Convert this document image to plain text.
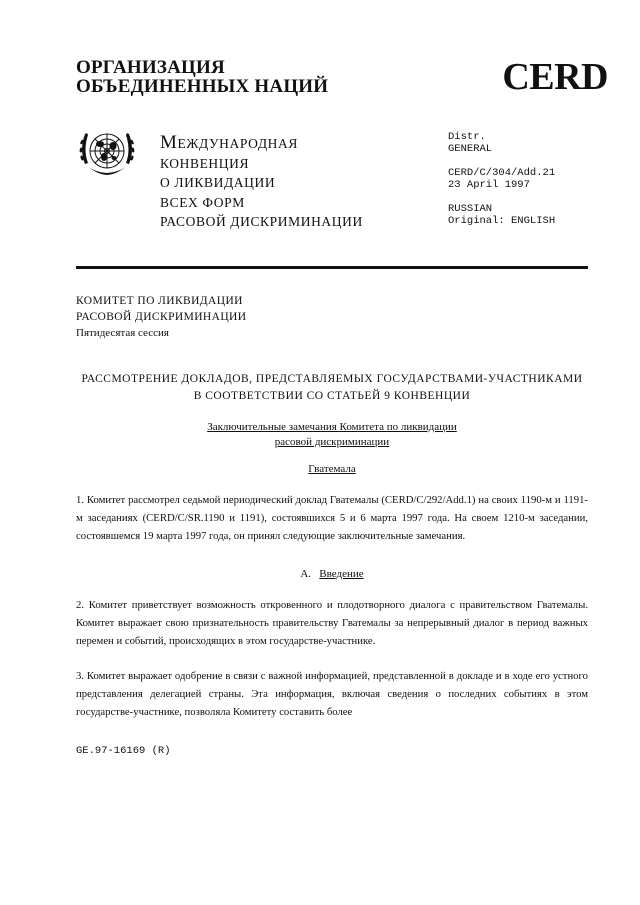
ОРГАНИЗАЦИЯ
ОБЪЕДИНЕННЫХ НАЦИЙ	CERD
МЕЖДУНАРОДНАЯ
КОНВЕНЦИЯ
О ЛИКВИДАЦИИ
ВСЕХ ФОРМ
РАСОВОЙ ДИСКРИМИНАЦИИ
Distr.
GENERAL
CERD/C/304/Add.21
23 April 1997
RUSSIAN
Original: ENGLISH
КОМИТЕТ ПО ЛИКВИДАЦИИ
РАСОВОЙ ДИСКРИМИНАЦИИ
Пятидесятая сессия
РАССМОТРЕНИЕ ДОКЛАДОВ, ПРЕДСТАВЛЯЕМЫХ ГОСУДАРСТВАМИ-УЧАСТНИКАМИ
В СООТВЕТСТВИИ СО СТАТЬЕЙ 9 КОНВЕНЦИИ
Заключительные замечания Комитета по ликвидации
расовой дискриминации
Гватемала
1. Комитет рассмотрел седьмой периодический доклад Гватемалы (CERD/C/292/Add.1) на своих 1190-м и 1191-м заседаниях (CERD/C/SR.1190 и 1191), состоявшихся 5 и 6 марта 1997 года. На своем 1210-м заседании, состоявшемся 19 марта 1997 года, он принял следующие заключительные замечания.
A. Введение
2. Комитет приветствует возможность откровенного и плодотворного диалога с правительством Гватемалы. Комитет выражает свою признательность правительству Гватемалы за непрерывный диалог в период важных перемен и событий, происходящих в этом государстве-участнике.
3. Комитет выражает одобрение в связи с важной информацией, представленной в докладе и в ходе его устного представления делегацией страны. Эта информация, включая сведения о последних событиях в этом государстве-участнике, позволяла Комитету составить более
GE.97-16169 (R)
